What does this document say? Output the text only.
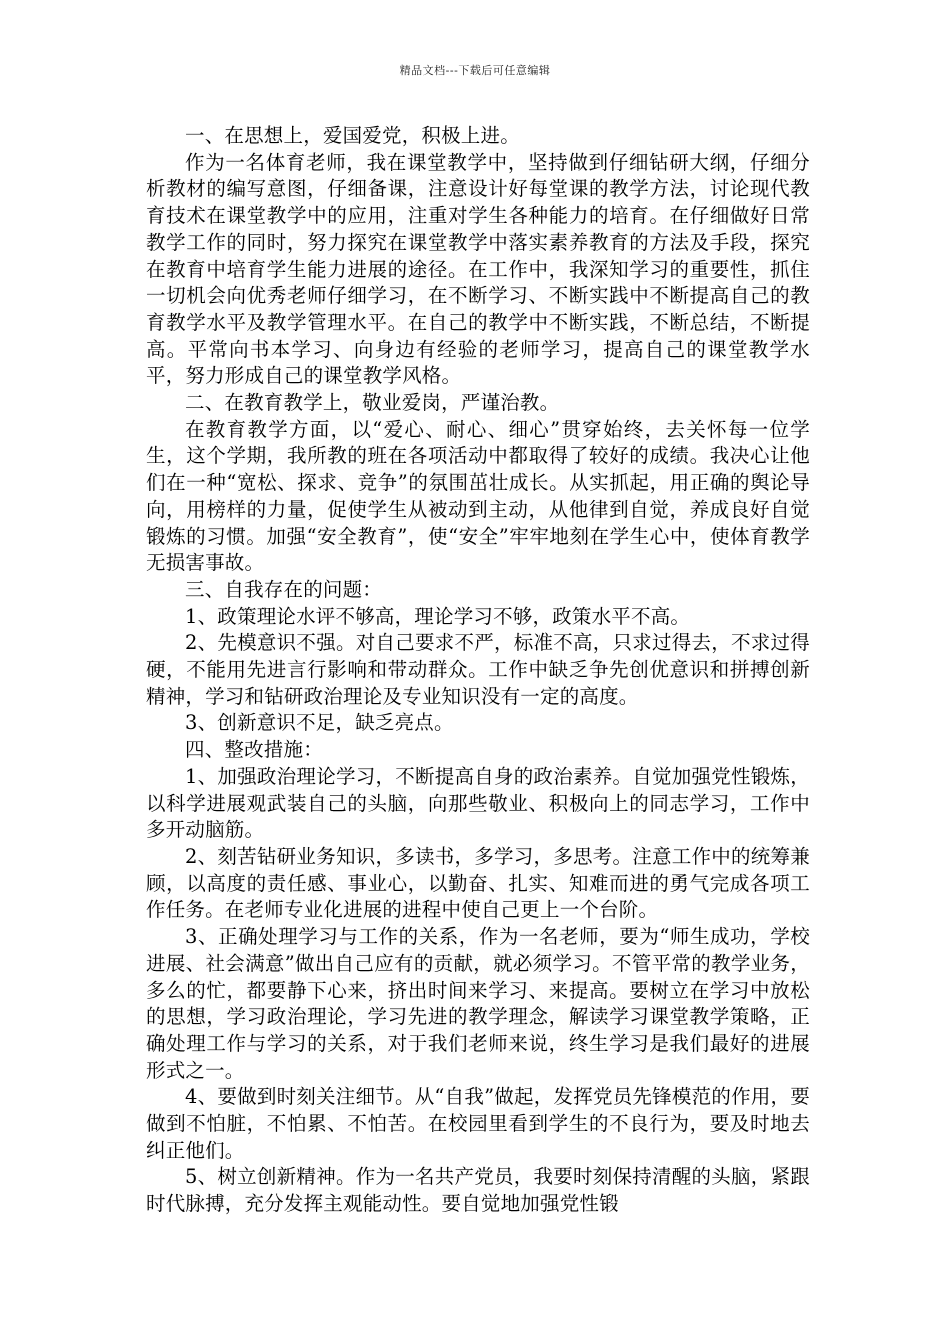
精品文档---下载后可任意编辑

一、在思想上，爱国爱党，积极上进。

作为一名体育老师，我在课堂教学中，坚持做到仔细钻研大纲，仔细分析教材的编写意图，仔细备课，注意设计好每堂课的教学方法，讨论现代教育技术在课堂教学中的应用，注重对学生各种能力的培育。在仔细做好日常教学工作的同时，努力探究在课堂教学中落实素养教育的方法及手段，探究在教育中培育学生能力进展的途径。在工作中，我深知学习的重要性，抓住一切机会向优秀老师仔细学习，在不断学习、不断实践中不断提高自己的教育教学水平及教学管理水平。在自己的教学中不断实践，不断总结，不断提高。平常向书本学习、向身边有经验的老师学习，提高自己的课堂教学水平，努力形成自己的课堂教学风格。

二、在教育教学上，敬业爱岗，严谨治教。

在教育教学方面，以“爱心、耐心、细心”贯穿始终，去关怀每一位学生，这个学期，我所教的班在各项活动中都取得了较好的成绩。我决心让他们在一种“宽松、探求、竞争”的氛围茁壮成长。从实抓起，用正确的舆论导向，用榜样的力量，促使学生从被动到主动，从他律到自觉，养成良好自觉锻炼的习惯。加强“安全教育”，使“安全”牢牢地刻在学生心中，使体育教学无损害事故。

三、自我存在的问题：

1、政策理论水评不够高，理论学习不够，政策水平不高。

2、先模意识不强。对自己要求不严，标准不高，只求过得去，不求过得硬，不能用先进言行影响和带动群众。工作中缺乏争先创优意识和拼搏创新精神，学习和钻研政治理论及专业知识没有一定的高度。

3、创新意识不足，缺乏亮点。

四、整改措施：

1、加强政治理论学习，不断提高自身的政治素养。自觉加强党性锻炼，以科学进展观武装自己的头脑，向那些敬业、积极向上的同志学习，工作中多开动脑筋。

2、刻苦钻研业务知识，多读书，多学习，多思考。注意工作中的统筹兼顾，以高度的责任感、事业心，以勤奋、扎实、知难而进的勇气完成各项工作任务。在老师专业化进展的进程中使自己更上一个台阶。

3、正确处理学习与工作的关系，作为一名老师，要为“师生成功，学校进展、社会满意”做出自己应有的贡献，就必须学习。不管平常的教学业务，多么的忙，都要静下心来，挤出时间来学习、来提高。要树立在学习中放松的思想，学习政治理论，学习先进的教学理念，解读学习课堂教学策略，正确处理工作与学习的关系，对于我们老师来说，终生学习是我们最好的进展形式之一。

4、要做到时刻关注细节。从“自我”做起，发挥党员先锋模范的作用，要做到不怕脏，不怕累、不怕苦。在校园里看到学生的不良行为，要及时地去纠正他们。

5、树立创新精神。作为一名共产党员，我要时刻保持清醒的头脑，紧跟时代脉搏，充分发挥主观能动性。要自觉地加强党性锻
